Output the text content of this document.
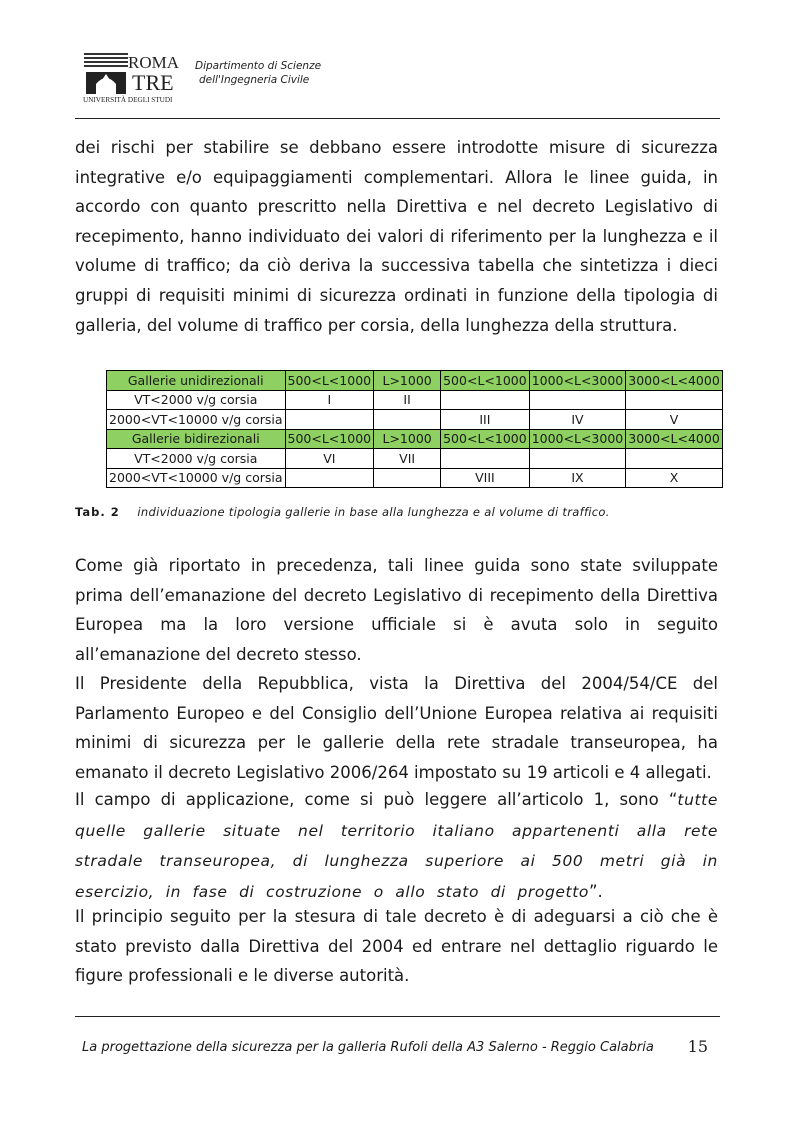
ROMA
TRE
UNIVERSITÀ DEGLI STUDI
Dipartimento di Scienze
dell'Ingegneria Civile

dei rischi per stabilire se debbano essere introdotte misure di sicurezza integrative e/o equipaggiamenti complementari. Allora le linee guida, in accordo con quanto prescritto nella Direttiva e nel decreto Legislativo di recepimento, hanno individuato dei valori di riferimento per la lunghezza e il volume di traffico; da ciò deriva la successiva tabella che sintetizza i dieci gruppi di requisiti minimi di sicurezza ordinati in funzione della tipologia di galleria, del volume di traffico per corsia, della lunghezza della struttura.

Gallerie unidirezionali	500<L<1000	L>1000	500<L<1000	1000<L<3000	3000<L<4000
VT<2000 v/g corsia	I	II			
2000<VT<10000 v/g corsia			III	IV	V
Gallerie bidirezionali	500<L<1000	L>1000	500<L<1000	1000<L<3000	3000<L<4000
VT<2000 v/g corsia	VI	VII			
2000<VT<10000 v/g corsia			VIII	IX	X
Tab. 2 individuazione tipologia gallerie in base alla lunghezza e al volume di traffico.

Come già riportato in precedenza, tali linee guida sono state sviluppate prima dell’emanazione del decreto Legislativo di recepimento della Direttiva Europea ma la loro versione ufficiale si è avuta solo in seguito all’emanazione del decreto stesso.

Il Presidente della Repubblica, vista la Direttiva del 2004/54/CE del Parlamento Europeo e del Consiglio dell’Unione Europea relativa ai requisiti minimi di sicurezza per le gallerie della rete stradale transeuropea, ha emanato il decreto Legislativo 2006/264 impostato su 19 articoli e 4 allegati.

Il campo di applicazione, come si può leggere all’articolo 1, sono “tutte quelle gallerie situate nel territorio italiano appartenenti alla rete stradale transeuropea, di lunghezza superiore ai 500 metri già in esercizio, in fase di costruzione o allo stato di progetto”.

Il principio seguito per la stesura di tale decreto è di adeguarsi a ciò che è stato previsto dalla Direttiva del 2004 ed entrare nel dettaglio riguardo le figure professionali e le diverse autorità.

La progettazione della sicurezza per la galleria Rufoli della A3 Salerno - Reggio Calabria 15
